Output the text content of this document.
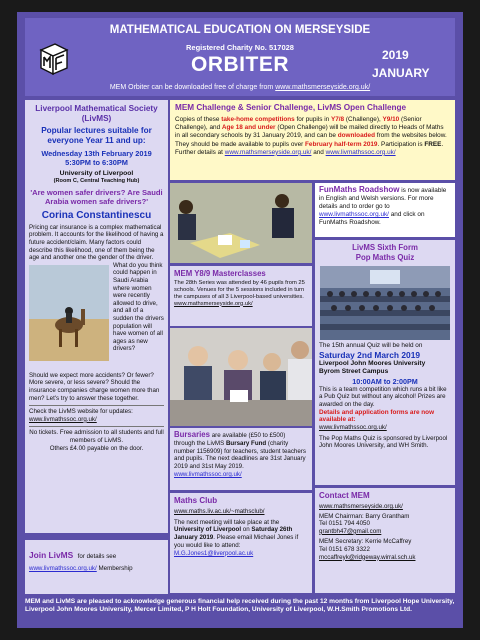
MATHEMATICAL EDUCATION ON MERSEYSIDE
Registered Charity No. 517028
ORBITER	2019
JANUARY
MEM Orbiter can be downloaded free of charge from www.mathsmerseyside.org.uk/
Liverpool Mathematical Society (LivMS)
Popular lectures suitable for everyone Year 11 and up:
Wednesday 13th February 2019
5:30PM to 6:30PM
University of Liverpool
(Room C, Central Teaching Hub)
'Are women safer drivers? Are Saudi Arabia women safe drivers?'
Corina Constantinescu
Pricing car insurance is a complex mathematical problem. It accounts for the likelihood of having a future accident/claim. Many factors could describe this likelihood, one of them being the age and another one the gender of the driver.
What do you think could happen in Saudi Arabia where women were recently allowed to drive, and all of a sudden the drivers population will have women of all ages as new drivers?
Should we expect more accidents? Or fewer? More severe, or less severe? Should the insurance companies charge women more than men? Let's try to answer these together.
Check the LivMS website for updates:
www.livmathssoc.org.uk/
No tickets. Free admission to all students and full members of LivMS.
Others £4.00 payable on the door.
Join LivMS for details see
www.livmathssoc.org.uk/ Membership
MEM Challenge & Senior Challenge, LivMS Open Challenge
Copies of these take-home competitions for pupils in Y7/8 (Challenge), Y9/10 (Senior Challenge), and Age 18 and under (Open Challenge) will be mailed directly to Heads of Maths in all secondary schools by 31 January 2019, and can be downloaded from the websites below. They should be made available to pupils over February half-term 2019. Participation is FREE. Further details at www.mathsmerseyside.org.uk/ and www.livmathssoc.org.uk/
FunMaths Roadshow is now available in English and Welsh versions. For more details and to order go to www.livmathssoc.org.uk/ and click on FunMaths Roadshow.
LivMS Sixth Form
Pop Maths Quiz
The 15th annual Quiz will be held on
Saturday 2nd March 2019
Liverpool John Moores University
Byrom Street Campus
10:00AM to 2:00PM
This is a team competition which runs a bit like a Pub Quiz but without any alcohol! Prizes are awarded on the day.
Details and application forms are now available at:
www.livmathssoc.org.uk/
The Pop Maths Quiz is sponsored by Liverpool John Moores University, and WH Smith.
MEM Y8/9 Masterclasses
The 28th Series was attended by 46 pupils from 25 schools. Venues for the 5 sessions included in turn the campuses of all 3 Liverpool-based universities.
www.mathsmerseyside.org.uk/
Bursaries are available (£50 to £500) through the LivMS Bursary Fund (charity number 1156909) for teachers, student teachers and pupils. The next deadlines are 31st January 2019 and 31st May 2019. www.livmathssoc.org.uk/
Maths Club
www.maths.liv.ac.uk/~mathsclub/
The next meeting will take place at the University of Liverpool on Saturday 26th January 2019. Please email Michael Jones if you would like to attend: M.G.Jones1@liverpool.ac.uk
Contact MEM
www.mathsmerseyside.org.uk/
MEM Chairman: Barry Grantham
Tel 0151 794 4050
grantbh47@gmail.com
MEM Secretary: Kerrie McCaffrey
Tel 0151 678 3322
mccaffreyk@ridgeway.wirral.sch.uk
MEM and LivMS are pleased to acknowledge generous financial help received during the past 12 months from Liverpool Hope University, Liverpool John Moores University, Mercer Limited, P H Holt Foundation, University of Liverpool, W.H.Smith Promotions Ltd.
